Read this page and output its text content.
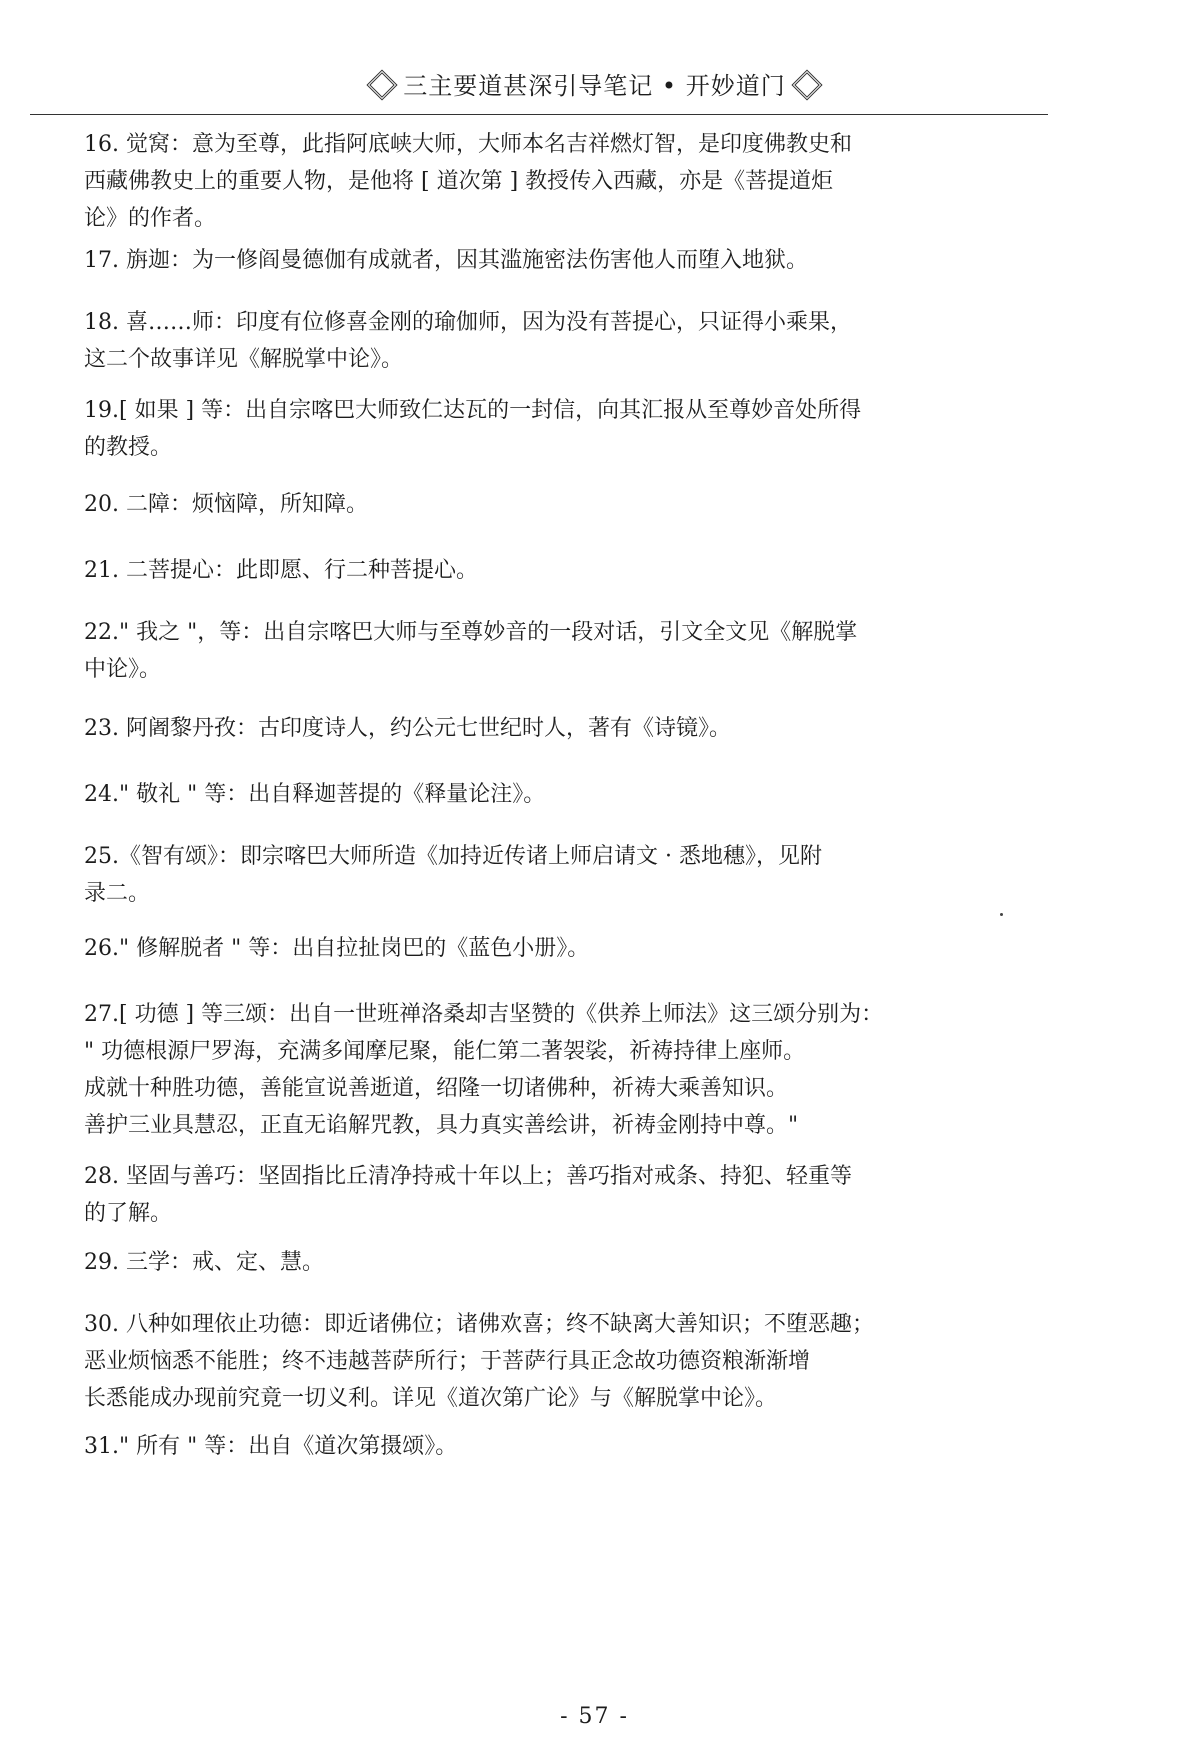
三主要道甚深引导笔记 • 开妙道门
16. 觉窝：意为至尊，此指阿底峡大师，大师本名吉祥燃灯智，是印度佛教史和
西藏佛教史上的重要人物，是他将 [ 道次第 ] 教授传入西藏，亦是《菩提道炬
论》的作者。
17. 旃迦：为一修阎曼德伽有成就者，因其滥施密法伤害他人而堕入地狱。
18. 喜……师：印度有位修喜金刚的瑜伽师，因为没有菩提心，只证得小乘果，
这二个故事详见《解脱掌中论》。
19.[ 如果 ] 等：出自宗喀巴大师致仁达瓦的一封信，向其汇报从至尊妙音处所得
的教授。
20. 二障：烦恼障，所知障。
21. 二菩提心：此即愿、行二种菩提心。
22." 我之 "，等：出自宗喀巴大师与至尊妙音的一段对话，引文全文见《解脱掌
中论》。
23. 阿阇黎丹孜：古印度诗人，约公元七世纪时人，著有《诗镜》。
24." 敬礼 " 等：出自释迦菩提的《释量论注》。
25.《智有颂》：即宗喀巴大师所造《加持近传诸上师启请文 · 悉地穗》，见附
录二。
26." 修解脱者 " 等：出自拉扯岗巴的《蓝色小册》。
27.[ 功德 ] 等三颂：出自一世班禅洛桑却吉坚赞的《供养上师法》这三颂分别为：
" 功德根源尸罗海，充满多闻摩尼聚，能仁第二著袈裟，祈祷持律上座师。
成就十种胜功德，善能宣说善逝道，绍隆一切诸佛种，祈祷大乘善知识。
善护三业具慧忍，正直无谄解咒教，具力真实善绘讲，祈祷金刚持中尊。"
28. 坚固与善巧：坚固指比丘清净持戒十年以上；善巧指对戒条、持犯、轻重等
的了解。
29. 三学：戒、定、慧。
30. 八种如理依止功德：即近诸佛位；诸佛欢喜；终不缺离大善知识；不堕恶趣；
恶业烦恼悉不能胜；终不违越菩萨所行；于菩萨行具正念故功德资粮渐渐增
长悉能成办现前究竟一切义利。详见《道次第广论》与《解脱掌中论》。
31." 所有 " 等：出自《道次第摄颂》。
- 57 -
